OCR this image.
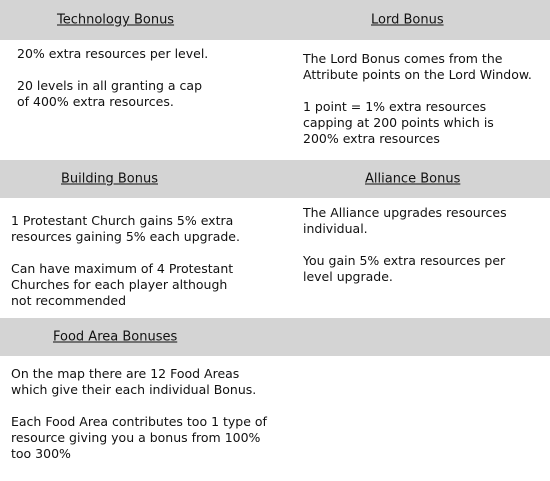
Technology Bonus	Lord Bonus

20% extra resources per level.

20 levels in all granting a cap of 400% extra resources.

The Lord Bonus comes from the Attribute points on the Lord Window.

1 point = 1% extra resources capping at 200 points which is 200% extra resources

Building Bonus	Alliance Bonus

1 Protestant Church gains 5% extra resources gaining 5% each upgrade.

Can have maximum of 4 Protestant Churches for each player although not recommended

The Alliance upgrades resources individual.

You gain 5% extra resources per level upgrade.

Food Area Bonuses

On the map there are 12 Food Areas which give their each individual Bonus.

Each Food Area contributes too 1 type of resource giving you a bonus from 100% too 300%
